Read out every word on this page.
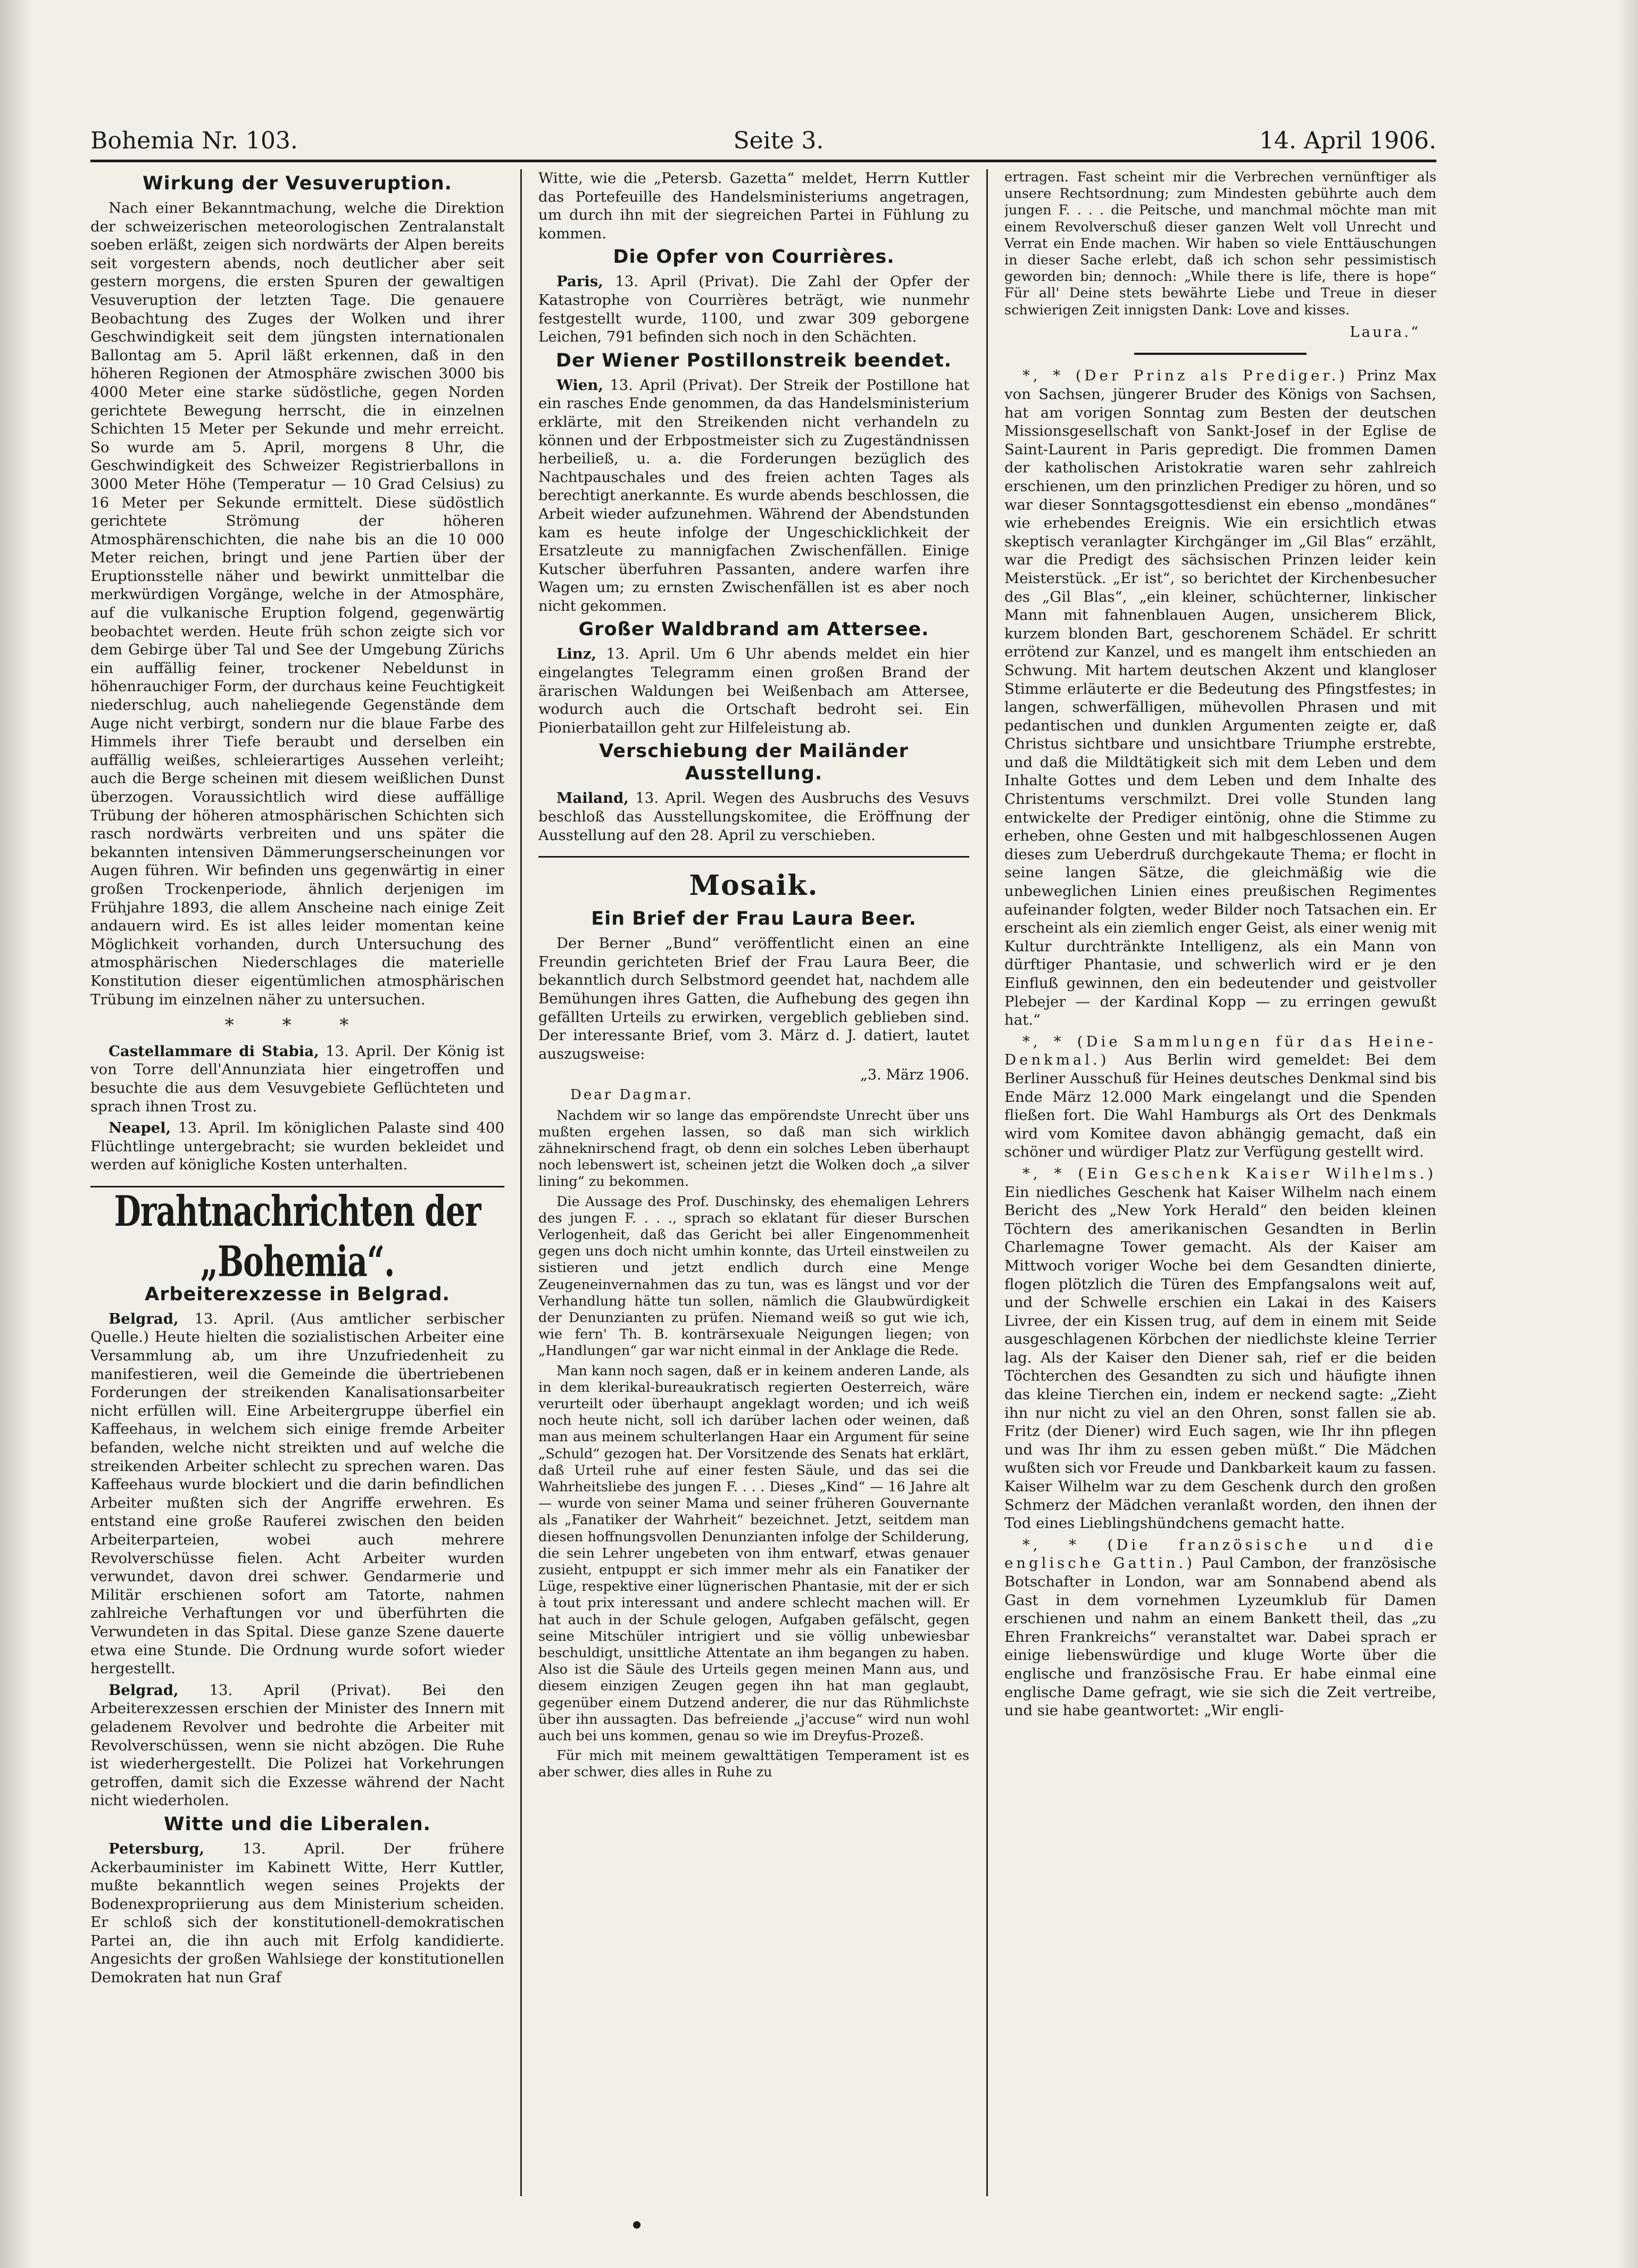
Bohemia Nr. 103.	Seite 3.	14. April 1906.
Wirkung der Vesuveruption.

Nach einer Bekanntmachung, welche die Direktion der schweizerischen meteorologischen Zentralanstalt soeben erläßt, zeigen sich nordwärts der Alpen bereits seit vorgestern abends, noch deutlicher aber seit gestern morgens, die ersten Spuren der gewaltigen Vesuveruption der letzten Tage. Die genauere Beobachtung des Zuges der Wolken und ihrer Geschwindigkeit seit dem jüngsten internationalen Ballontag am 5. April läßt erkennen, daß in den höheren Regionen der Atmosphäre zwischen 3000 bis 4000 Meter eine starke südöstliche, gegen Norden gerichtete Bewegung herrscht, die in einzelnen Schichten 15 Meter per Sekunde und mehr erreicht. So wurde am 5. April, morgens 8 Uhr, die Geschwindigkeit des Schweizer Registrierballons in 3000 Meter Höhe (Temperatur — 10 Grad Celsius) zu 16 Meter per Sekunde ermittelt. Diese südöstlich gerichtete Strömung der höheren Atmosphärenschichten, die nahe bis an die 10 000 Meter reichen, bringt und jene Partien über der Eruptionsstelle näher und bewirkt unmittelbar die merkwürdigen Vorgänge, welche in der Atmosphäre, auf die vulkanische Eruption folgend, gegenwärtig beobachtet werden. Heute früh schon zeigte sich vor dem Gebirge über Tal und See der Umgebung Zürichs ein auffällig feiner, trockener Nebeldunst in höhenrauchiger Form, der durchaus keine Feuchtigkeit niederschlug, auch naheliegende Gegenstände dem Auge nicht verbirgt, sondern nur die blaue Farbe des Himmels ihrer Tiefe beraubt und derselben ein auffällig weißes, schleierartiges Aussehen verleiht; auch die Berge scheinen mit diesem weißlichen Dunst überzogen. Voraussichtlich wird diese auffällige Trübung der höheren atmosphärischen Schichten sich rasch nordwärts verbreiten und uns später die bekannten intensiven Dämmerungserscheinungen vor Augen führen. Wir befinden uns gegenwärtig in einer großen Trockenperiode, ähnlich derjenigen im Frühjahre 1893, die allem Anscheine nach einige Zeit andauern wird. Es ist alles leider momentan keine Möglichkeit vorhanden, durch Untersuchung des atmosphärischen Niederschlages die materielle Konstitution dieser eigentümlichen atmosphärischen Trübung im einzelnen näher zu untersuchen.

* * *

Castellammare di Stabia, 13. April. Der König ist von Torre dell'Annunziata hier eingetroffen und besuchte die aus dem Vesuvgebiete Geflüchteten und sprach ihnen Trost zu.

Neapel, 13. April. Im königlichen Palaste sind 400 Flüchtlinge untergebracht; sie wurden bekleidet und werden auf königliche Kosten unterhalten.

Drahtnachrichten der „Bohemia“.
Arbeiterexzesse in Belgrad.

Belgrad, 13. April. (Aus amtlicher serbischer Quelle.) Heute hielten die sozialistischen Arbeiter eine Versammlung ab, um ihre Unzufriedenheit zu manifestieren, weil die Gemeinde die übertriebenen Forderungen der streikenden Kanalisationsarbeiter nicht erfüllen will. Eine Arbeitergruppe überfiel ein Kaffeehaus, in welchem sich einige fremde Arbeiter befanden, welche nicht streikten und auf welche die streikenden Arbeiter schlecht zu sprechen waren. Das Kaffeehaus wurde blockiert und die darin befindlichen Arbeiter mußten sich der Angriffe erwehren. Es entstand eine große Rauferei zwischen den beiden Arbeiterparteien, wobei auch mehrere Revolverschüsse fielen. Acht Arbeiter wurden verwundet, davon drei schwer. Gendarmerie und Militär erschienen sofort am Tatorte, nahmen zahlreiche Verhaftungen vor und überführten die Verwundeten in das Spital. Diese ganze Szene dauerte etwa eine Stunde. Die Ordnung wurde sofort wieder hergestellt.

Belgrad, 13. April (Privat). Bei den Arbeiterexzessen erschien der Minister des Innern mit geladenem Revolver und bedrohte die Arbeiter mit Revolverschüssen, wenn sie nicht abzögen. Die Ruhe ist wiederhergestellt. Die Polizei hat Vorkehrungen getroffen, damit sich die Exzesse während der Nacht nicht wiederholen.

Witte und die Liberalen.

Petersburg,	13. April. Der frühere Ackerbauminister im Kabinett Witte, Herr Kuttler, mußte bekanntlich wegen seines Projekts der Bodenexpropriierung aus dem Ministerium scheiden. Er schloß sich der konstitutionell-demokratischen Partei an, die ihn auch mit Erfolg kandidierte. Angesichts der großen Wahlsiege der konstitutionellen Demokraten hat nun Graf

Witte, wie die „Petersb. Gazetta“ meldet, Herrn Kuttler das Portefeuille des Handelsministeriums angetragen, um durch ihn mit der siegreichen Partei in Fühlung zu kommen.

Die Opfer von Courrières.

Paris, 13. April (Privat). Die Zahl der Opfer der Katastrophe von Courrières beträgt, wie nunmehr festgestellt wurde, 1100, und zwar 309 geborgene Leichen, 791 befinden sich noch in den Schächten.

Der Wiener Postillonstreik beendet.

Wien, 13. April (Privat). Der Streik der Postillone hat ein rasches Ende genommen, da das Handelsministerium erklärte, mit den Streikenden nicht verhandeln zu können und der Erbpostmeister sich zu Zugeständnissen herbeiließ, u. a. die Forderungen bezüglich des Nachtpauschales und des freien achten Tages als berechtigt anerkannte. Es wurde abends beschlossen, die Arbeit wieder aufzunehmen. Während der Abendstunden kam es heute infolge der Ungeschicklichkeit der Ersatzleute zu mannigfachen Zwischenfällen. Einige Kutscher überfuhren Passanten, andere warfen ihre Wagen um; zu ernsten Zwischenfällen ist es aber noch nicht gekommen.

Großer Waldbrand am Attersee.

Linz, 13. April. Um 6 Uhr abends meldet ein hier eingelangtes Telegramm einen großen Brand der ärarischen Waldungen bei Weißenbach am Attersee, wodurch auch die Ortschaft bedroht sei. Ein Pionierbataillon geht zur Hilfeleistung ab.

Verschiebung der Mailänder Ausstellung.

Mailand, 13. April. Wegen des Ausbruchs des Vesuvs beschloß das Ausstellungskomitee, die Eröffnung der Ausstellung auf den 28. April zu verschieben.

Mosaik.
Ein Brief der Frau Laura Beer.

Der Berner „Bund“ veröffentlicht einen an eine Freundin gerichteten Brief der Frau Laura Beer, die bekanntlich durch Selbstmord geendet hat, nachdem alle Bemühungen ihres Gatten, die Aufhebung des gegen ihn gefällten Urteils zu erwirken, vergeblich geblieben sind. Der interessante Brief, vom 3. März d. J. datiert, lautet auszugsweise:

„3. März 1906.
Dear Dagmar.

Nachdem wir so lange das empörendste Unrecht über uns mußten ergehen lassen, so daß man sich wirklich zähneknirschend fragt, ob denn ein solches Leben überhaupt noch lebenswert ist, scheinen jetzt die Wolken doch „a silver lining“ zu bekommen.

Die Aussage des Prof. Duschinsky, des ehemaligen Lehrers des jungen F. . . ., sprach so eklatant für dieser Burschen Verlogenheit, daß das Gericht bei aller Eingenommenheit gegen uns doch nicht umhin konnte, das Urteil einstweilen zu sistieren und jetzt endlich durch eine Menge Zeugeneinvernahmen das zu tun, was es längst und vor der Verhandlung hätte tun sollen, nämlich die Glaubwürdigkeit der Denunzianten zu prüfen. Niemand weiß so gut wie ich, wie fern' Th. B. konträrsexuale Neigungen liegen; von „Handlungen“ gar war nicht einmal in der Anklage die Rede.

Man kann noch sagen, daß er in keinem anderen Lande, als in dem klerikal-bureaukratisch regierten Oesterreich, wäre verurteilt oder überhaupt angeklagt worden; und ich weiß noch heute nicht, soll ich darüber lachen oder weinen, daß man aus meinem schulterlangen Haar ein Argument für seine „Schuld“ gezogen hat. Der Vorsitzende des Senats hat erklärt, daß Urteil ruhe auf einer festen Säule, und das sei die Wahrheitsliebe des jungen F. . . . Dieses „Kind“ — 16 Jahre alt — wurde von seiner Mama und seiner früheren Gouvernante als „Fanatiker der Wahrheit“ bezeichnet. Jetzt, seitdem man diesen hoffnungsvollen Denunzianten infolge der Schilderung, die sein Lehrer ungebeten von ihm entwarf, etwas genauer zusieht, entpuppt er sich immer mehr als ein Fanatiker der Lüge, respektive einer lügnerischen Phantasie, mit der er sich à tout prix interessant und andere schlecht machen will. Er hat auch in der Schule gelogen, Aufgaben gefälscht, gegen seine Mitschüler intrigiert und sie völlig unbewiesbar beschuldigt, unsittliche Attentate an ihm begangen zu haben. Also ist die Säule des Urteils gegen meinen Mann aus, und diesem einzigen Zeugen gegen ihn hat man geglaubt, gegenüber einem Dutzend anderer, die nur das Rühmlichste über ihn aussagten. Das befreiende „j'accuse“ wird nun wohl auch bei uns kommen, genau so wie im Dreyfus-Prozeß.

Für mich mit meinem gewalttätigen Temperament ist es aber schwer, dies alles in Ruhe zu

ertragen. Fast scheint mir die Verbrechen vernünftiger als unsere Rechtsordnung; zum Mindesten gebührte auch dem jungen F. . . . die Peitsche, und manchmal möchte man mit einem Revolverschuß dieser ganzen Welt voll Unrecht und Verrat ein Ende machen. Wir haben so viele Enttäuschungen in dieser Sache erlebt, daß ich schon sehr pessimistisch geworden bin; dennoch: „While there is life, there is hope“ Für all' Deine stets bewährte Liebe und Treue in dieser schwierigen Zeit innigsten Dank: Love and kisses.

Laura.“

*, * (Der Prinz als Prediger.) Prinz Max von Sachsen, jüngerer Bruder des Königs von Sachsen, hat am vorigen Sonntag zum Besten der deutschen Missionsgesellschaft von Sankt-Josef in der Eglise de Saint-Laurent in Paris gepredigt. Die frommen Damen der katholischen Aristokratie waren sehr zahlreich erschienen, um den prinzlichen Prediger zu hören, und so war dieser Sonntagsgottesdienst ein ebenso „mondänes“ wie erhebendes Ereignis. Wie ein ersichtlich etwas skeptisch veranlagter Kirchgänger im „Gil Blas“ erzählt, war die Predigt des sächsischen Prinzen leider kein Meisterstück. „Er ist“, so berichtet der Kirchenbesucher des „Gil Blas“, „ein kleiner, schüchterner, linkischer Mann mit fahnenblauen Augen, unsicherem Blick, kurzem blonden Bart, geschorenem Schädel. Er schritt errötend zur Kanzel, und es mangelt ihm entschieden an Schwung. Mit hartem deutschen Akzent und klangloser Stimme erläuterte er die Bedeutung des Pfingstfestes; in langen, schwerfälligen, mühevollen Phrasen und mit pedantischen und dunklen Argumenten zeigte er, daß Christus sichtbare und unsichtbare Triumphe erstrebte, und daß die Mildtätigkeit sich mit dem Leben und dem Inhalte Gottes und dem Leben und dem Inhalte des Christentums verschmilzt. Drei volle Stunden lang entwickelte der Prediger eintönig, ohne die Stimme zu erheben, ohne Gesten und mit halbgeschlossenen Augen dieses zum Ueberdruß durchgekaute Thema; er flocht in seine langen Sätze, die gleichmäßig wie die unbeweglichen Linien eines preußischen Regimentes aufeinander folgten, weder Bilder noch Tatsachen ein. Er erscheint als ein ziemlich enger Geist, als einer wenig mit Kultur durchtränkte Intelligenz, als ein Mann von dürftiger Phantasie, und schwerlich wird er je den Einfluß gewinnen, den ein bedeutender und geistvoller Plebejer — der Kardinal Kopp — zu erringen gewußt hat.“

*, * (Die Sammlungen für das Heine-Denkmal.) Aus Berlin wird gemeldet: Bei dem Berliner Ausschuß für Heines deutsches Denkmal sind bis Ende März 12.000 Mark eingelangt und die Spenden fließen fort. Die Wahl Hamburgs als Ort des Denkmals wird vom Komitee davon abhängig gemacht, daß ein schöner und würdiger Platz zur Verfügung gestellt wird.

*, * (Ein Geschenk Kaiser Wilhelms.) Ein niedliches Geschenk hat Kaiser Wilhelm nach einem Bericht des „New York Herald“ den beiden kleinen Töchtern des amerikanischen Gesandten in Berlin Charlemagne Tower gemacht. Als der Kaiser am Mittwoch voriger Woche bei dem Gesandten dinierte, flogen plötzlich die Türen des Empfangsalons weit auf, und der Schwelle erschien ein Lakai in des Kaisers Livree, der ein Kissen trug, auf dem in einem mit Seide ausgeschlagenen Körbchen der niedlichste kleine Terrier lag. Als der Kaiser den Diener sah, rief er die beiden Töchterchen des Gesandten zu sich und häufigte ihnen das kleine Tierchen ein, indem er neckend sagte: „Zieht ihn nur nicht zu viel an den Ohren, sonst fallen sie ab. Fritz (der Diener) wird Euch sagen, wie Ihr ihn pflegen und was Ihr ihm zu essen geben müßt.“ Die Mädchen wußten sich vor Freude und Dankbarkeit kaum zu fassen. Kaiser Wilhelm war zu dem Geschenk durch den großen Schmerz der Mädchen veranlaßt worden, den ihnen der Tod eines Lieblingshündchens gemacht hatte.

*, * (Die französische und die englische Gattin.) Paul Cambon, der französische Botschafter in London, war am Sonnabend abend als Gast in dem vornehmen Lyzeumklub für Damen erschienen und nahm an einem Bankett theil, das „zu Ehren Frankreichs“ veranstaltet war. Dabei sprach er einige liebenswürdige und kluge Worte über die englische und französische Frau. Er habe einmal eine englische Dame gefragt, wie sie sich die Zeit vertreibe, und sie habe geantwortet: „Wir engli-
